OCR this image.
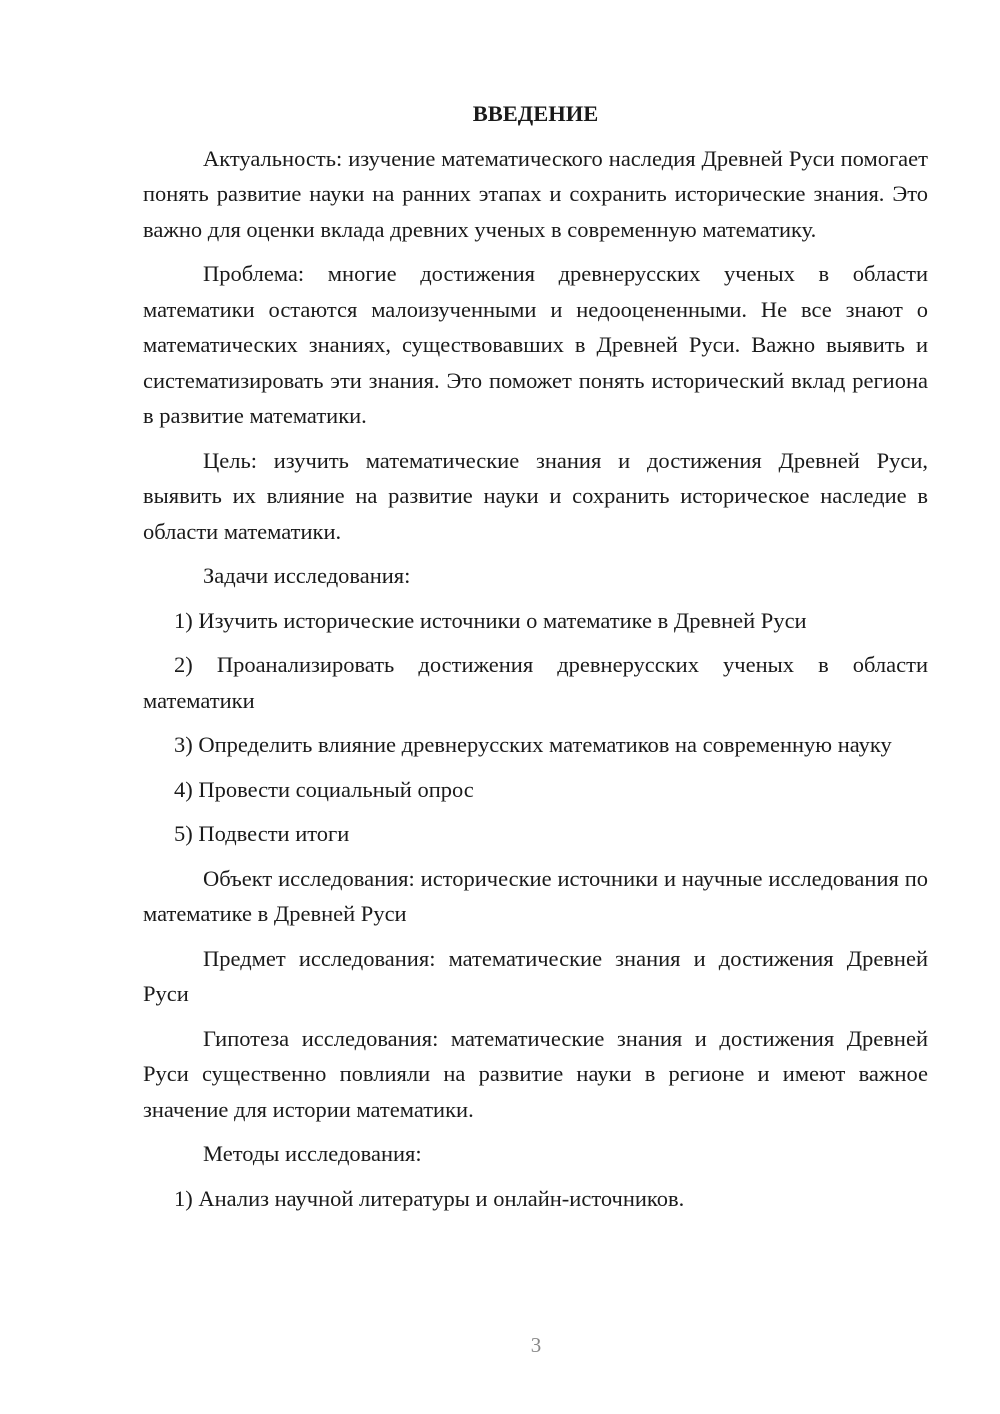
ВВЕДЕНИЕ

Актуальность: изучение математического наследия Древней Руси помогает понять развитие науки на ранних этапах и сохранить исторические знания. Это важно для оценки вклада древних ученых в современную математику.

Проблема: многие достижения древнерусских ученых в области математики остаются малоизученными и недооцененными. Не все знают о математических знаниях, существовавших в Древней Руси. Важно выявить и систематизировать эти знания. Это поможет понять исторический вклад региона в развитие математики.

Цель: изучить математические знания и достижения Древней Руси, выявить их влияние на развитие науки и сохранить историческое наследие в области математики.

Задачи исследования:

1) Изучить исторические источники о математике в Древней Руси

2) Проанализировать достижения древнерусских ученых в области математики

3) Определить влияние древнерусских математиков на современную науку

4) Провести социальный опрос

5) Подвести итоги

Объект исследования: исторические источники и научные исследования по математике в Древней Руси

Предмет исследования: математические знания и достижения Древней Руси

Гипотеза исследования: математические знания и достижения Древней Руси существенно повлияли на развитие науки в регионе и имеют важное значение для истории математики.

Методы исследования:

1) Анализ научной литературы и онлайн-источников.

3
